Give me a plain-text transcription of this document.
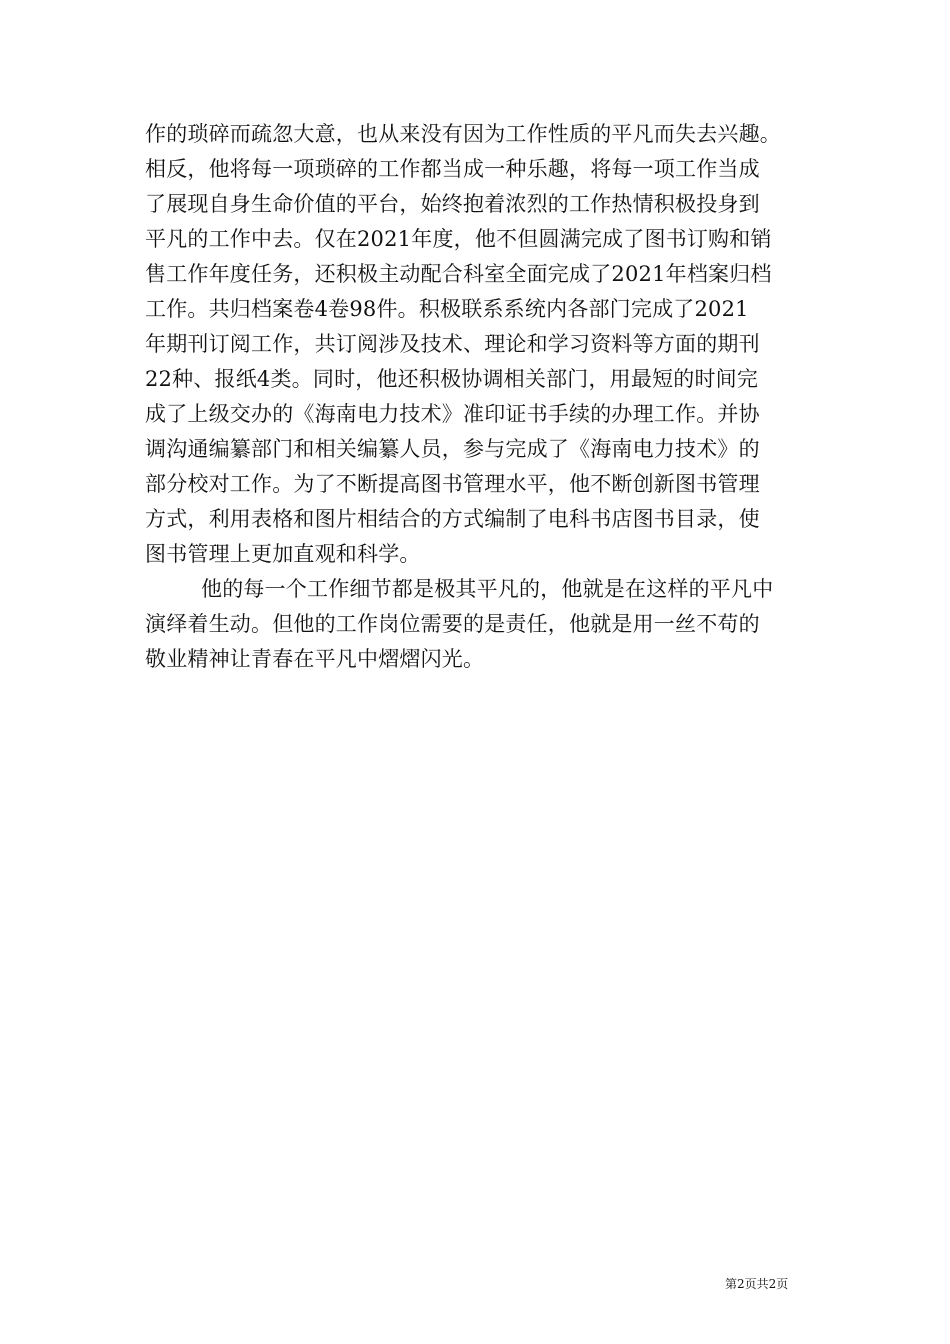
作的琐碎而疏忽大意，也从来没有因为工作性质的平凡而失去兴趣。
相反，他将每一项琐碎的工作都当成一种乐趣，将每一项工作当成
了展现自身生命价值的平台，始终抱着浓烈的工作热情积极投身到
平凡的工作中去。仅在2021年度，他不但圆满完成了图书订购和销
售工作年度任务，还积极主动配合科室全面完成了2021年档案归档
工作。共归档案卷4卷98件。积极联系系统内各部门完成了2021
年期刊订阅工作，共订阅涉及技术、理论和学习资料等方面的期刊
22种、报纸4类。同时，他还积极协调相关部门，用最短的时间完
成了上级交办的《海南电力技术》准印证书手续的办理工作。并协
调沟通编纂部门和相关编纂人员，参与完成了《海南电力技术》的
部分校对工作。为了不断提高图书管理水平，他不断创新图书管理
方式，利用表格和图片相结合的方式编制了电科书店图书目录，使
图书管理上更加直观和科学。
他的每一个工作细节都是极其平凡的，他就是在这样的平凡中
演绎着生动。但他的工作岗位需要的是责任，他就是用一丝不苟的
敬业精神让青春在平凡中熠熠闪光。
第2页共2页
